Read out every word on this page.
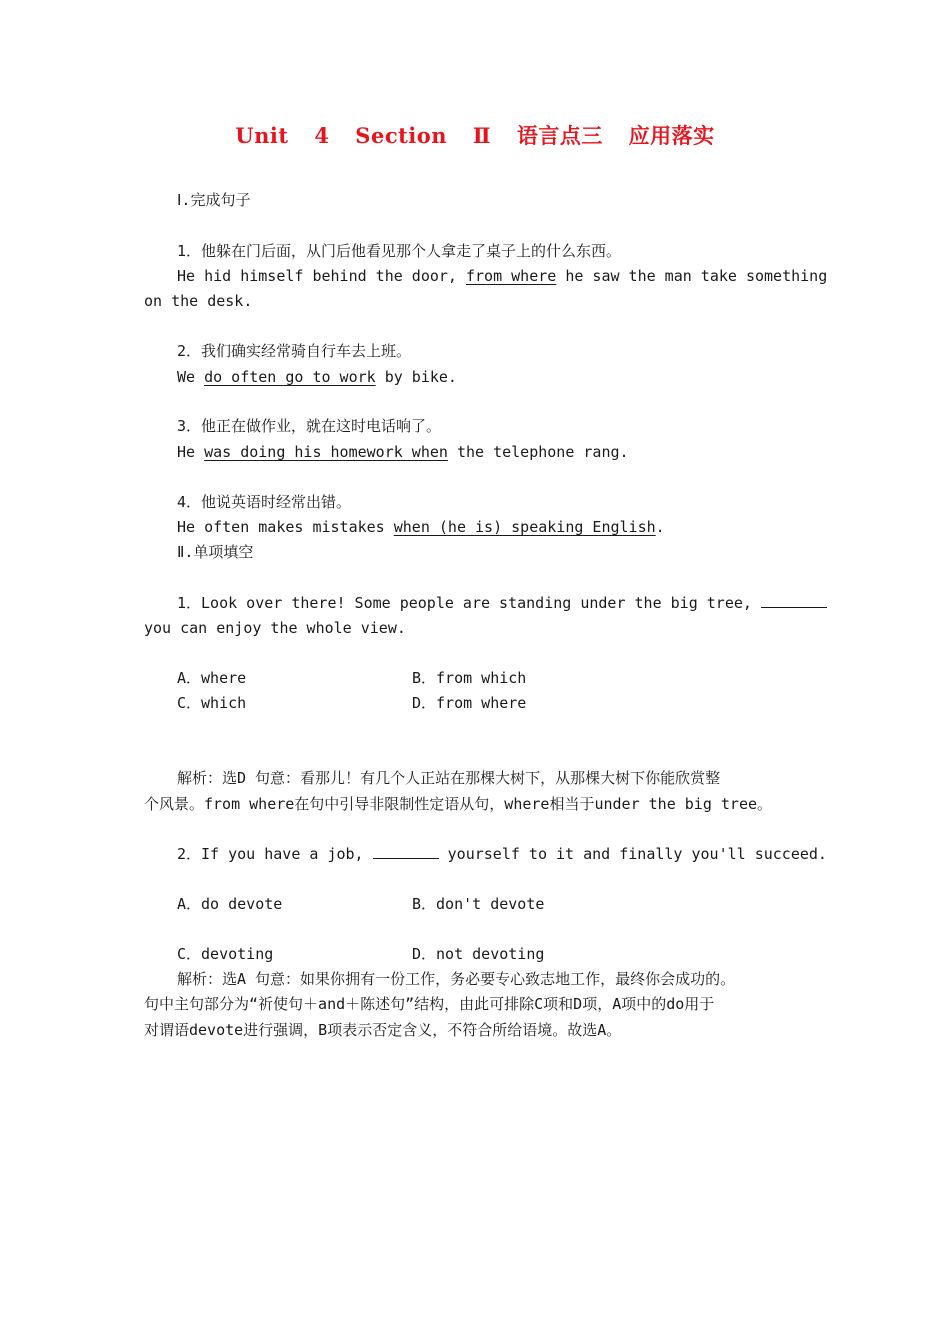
Unit 4 Section Ⅱ 语言点三 应用落实
Ⅰ.完成句子
1．他躲在门后面，从门后他看见那个人拿走了桌子上的什么东西。
He hid himself behind the door, from where he saw the man take something
on the desk.
2．我们确实经常骑自行车去上班。
We do often go to work by bike.
3．他正在做作业，就在这时电话响了。
He was doing his homework when the telephone rang.
4．他说英语时经常出错。
He often makes mistakes when (he is) speaking English.
Ⅱ.单项填空
1．Look over there! Some people are standing under the big tree,
you can enjoy the whole view.
A．where	B．from which
C．which	D．from where
解析：选D 句意：看那儿！有几个人正站在那棵大树下，从那棵大树下你能欣赏整
个风景。from where在句中引导非限制性定语从句，where相当于under the big tree。
2．If you have a job,	yourself to it and finally you'll succeed.
A．do devote	B．don't devote
C．devoting	D．not devoting
解析：选A 句意：如果你拥有一份工作，务必要专心致志地工作，最终你会成功的。
句中主句部分为“祈使句＋and＋陈述句”结构，由此可排除C项和D项，A项中的do用于
对谓语devote进行强调，B项表示否定含义，不符合所给语境。故选A。
